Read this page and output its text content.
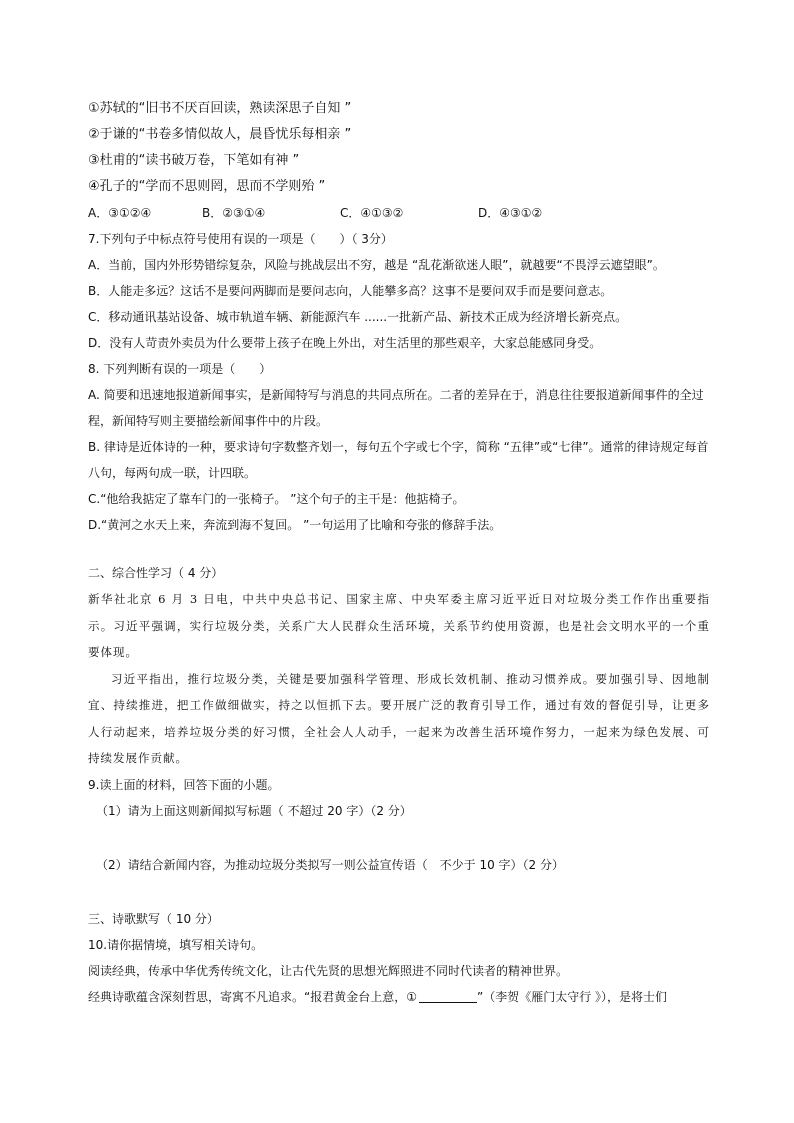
①苏轼的“旧书不厌百回读，熟读深思子自知 ”
②于谦的“书卷多情似故人，晨昏忧乐每相亲 ”
③杜甫的“读书破万卷，下笔如有神 ”
④孔子的“学而不思则罔，思而不学则殆 ”
A．③①②④	B．②③①④	C．④①③②	D．④③①②
7.下列句子中标点符号使用有误的一项是（　　）（ 3分）
A．当前，国内外形势错综复杂，风险与挑战层出不穷，越是 “乱花渐欲迷人眼”，就越要“不畏浮云遮望眼”。
B．人能走多远？这话不是要问两脚而是要问志向，人能攀多高？这事不是要问双手而是要问意志。
C．移动通讯基站设备、城市轨道车辆、新能源汽车 ......一批新产品、新技术正成为经济增长新亮点。
D．没有人苛责外卖员为什么要带上孩子在晚上外出，对生活里的那些艰辛，大家总能感同身受。
8. 下列判断有误的一项是（　　）
A. 简要和迅速地报道新闻事实，是新闻特写与消息的共同点所在。二者的差异在于，消息往往要报道新闻事件的全过程，新闻特写则主要描绘新闻事件中的片段。
B. 律诗是近体诗的一种，要求诗句字数整齐划一，每句五个字或七个字，简称 “五律”或“七律”。通常的律诗规定每首八句，每两句成一联，计四联。
C.“他给我掂定了靠车门的一张椅子。 ”这个句子的主干是：他掂椅子。
D.“黄河之水天上来，奔流到海不复回。 ”一句运用了比喻和夸张的修辞手法。
二、综合性学习（ 4 分）
新华社北京 6 月 3 日电，中共中央总书记、国家主席、中央军委主席习近平近日对垃圾分类工作作出重要指示。习近平强调，实行垃圾分类，关系广大人民群众生活环境，关系节约使用资源，也是社会文明水平的一个重要体现。
习近平指出，推行垃圾分类，关键是要加强科学管理、形成长效机制、推动习惯养成。要加强引导、因地制宜、持续推进，把工作做细做实，持之以恒抓下去。要开展广泛的教育引导工作，通过有效的督促引导，让更多人行动起来，培养垃圾分类的好习惯，全社会人人动手，一起来为改善生活环境作努力，一起来为绿色发展、可持续发展作贡献。
9.读上面的材料，回答下面的小题。
（1）请为上面这则新闻拟写标题（ 不超过 20 字）（2 分）
（2）请结合新闻内容，为推动垃圾分类拟写一则公益宣传语（　不少于 10 字）（2 分）
三、诗歌默写（ 10 分）
10.请你据情境，填写相关诗句。
阅读经典，传承中华优秀传统文化，让古代先贤的思想光辉照进不同时代读者的精神世界。
经典诗歌蕴含深刻哲思，寄寓不凡追求。“报君黄金台上意，①	”（李贺《雁门太守行 》），是将士们
